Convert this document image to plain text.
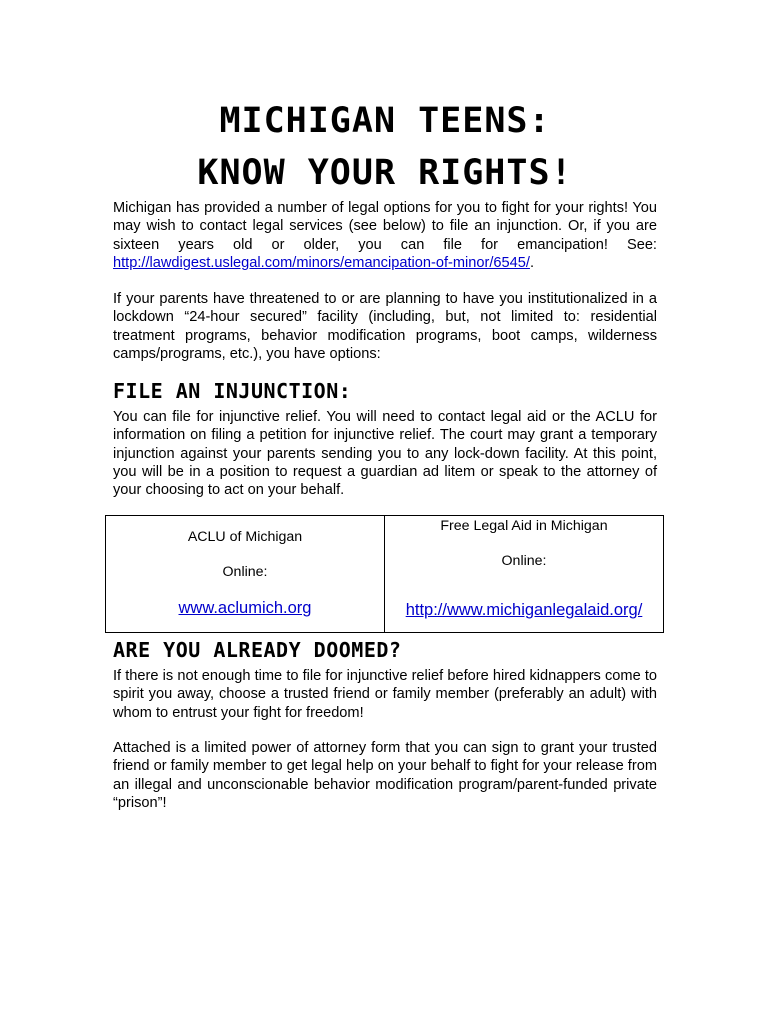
MICHIGAN TEENS:
KNOW YOUR RIGHTS!

Michigan has provided a number of legal options for you to fight for your rights! You may wish to contact legal services (see below) to file an injunction. Or, if you are sixteen years old or older, you can file for emancipation! See: http://lawdigest.uslegal.com/minors/emancipation-of-minor/6545/.

If your parents have threatened to or are planning to have you institutionalized in a lockdown “24-hour secured” facility (including, but, not limited to: residential treatment programs, behavior modification programs, boot camps, wilderness camps/programs, etc.), you have options:

FILE AN INJUNCTION:

You can file for injunctive relief. You will need to contact legal aid or the ACLU for information on filing a petition for injunctive relief. The court may grant a temporary injunction against your parents sending you to any lock-down facility. At this point, you will be in a position to request a guardian ad litem or speak to the attorney of your choosing to act on your behalf.

ACLU of Michigan
Online:
www.aclumich.org

Free Legal Aid in Michigan
Online:
http://www.michiganlegalaid.org/
ARE YOU ALREADY DOOMED?

If there is not enough time to file for injunctive relief before hired kidnappers come to spirit you away, choose a trusted friend or family member (preferably an adult) with whom to entrust your fight for freedom!

Attached is a limited power of attorney form that you can sign to grant your trusted friend or family member to get legal help on your behalf to fight for your release from an illegal and unconscionable behavior modification program/parent-funded private “prison”!
